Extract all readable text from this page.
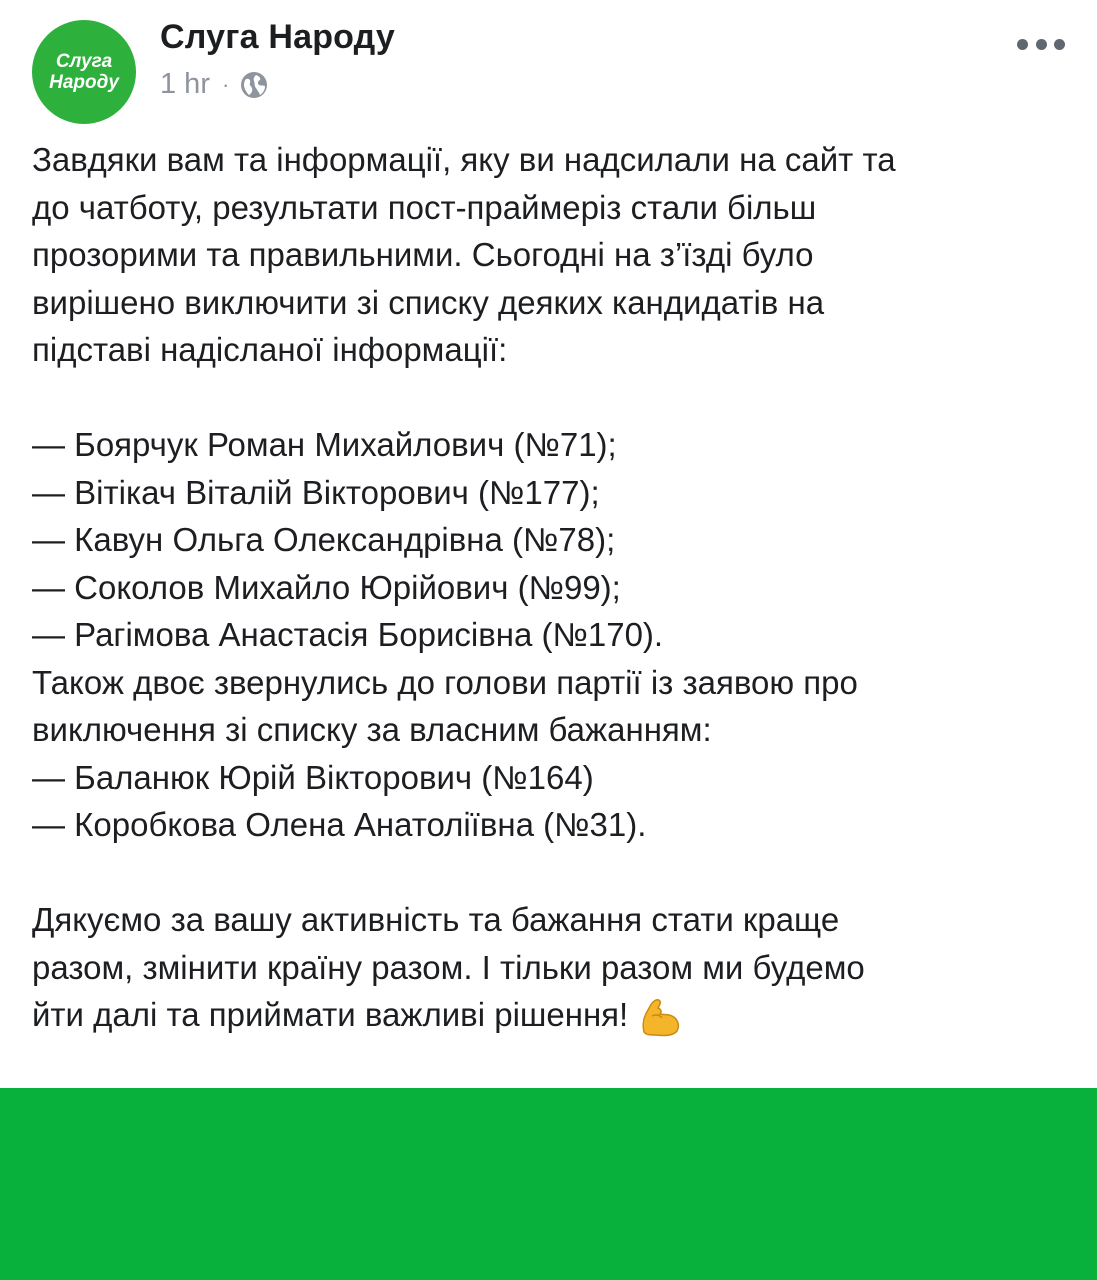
Слуга
Народу
Слуга Народу
1 hr ·

Завдяки вам та інформації, яку ви надсилали на сайт та
до чатботу, результати пост-праймеріз стали більш
прозорими та правильними. Сьогодні на з’їзді було
вирішено виключити зі списку деяких кандидатів на
підставі надісланої інформації:

— Боярчук Роман Михайлович (№71);
— Вітікач Віталій Вікторович (№177);
— Кавун Ольга Олександрівна (№78);
— Соколов Михайло Юрійович (№99);
— Рагімова Анастасія Борисівна (№170).
Також двоє звернулись до голови партії із заявою про
виключення зі списку за власним бажанням:
— Баланюк Юрій Вікторович (№164)
— Коробкова Олена Анатоліївна (№31).

Дякуємо за вашу активність та бажання стати краще
разом, змінити країну разом. І тільки разом ми будемо
йти далі та приймати важливі рішення!
